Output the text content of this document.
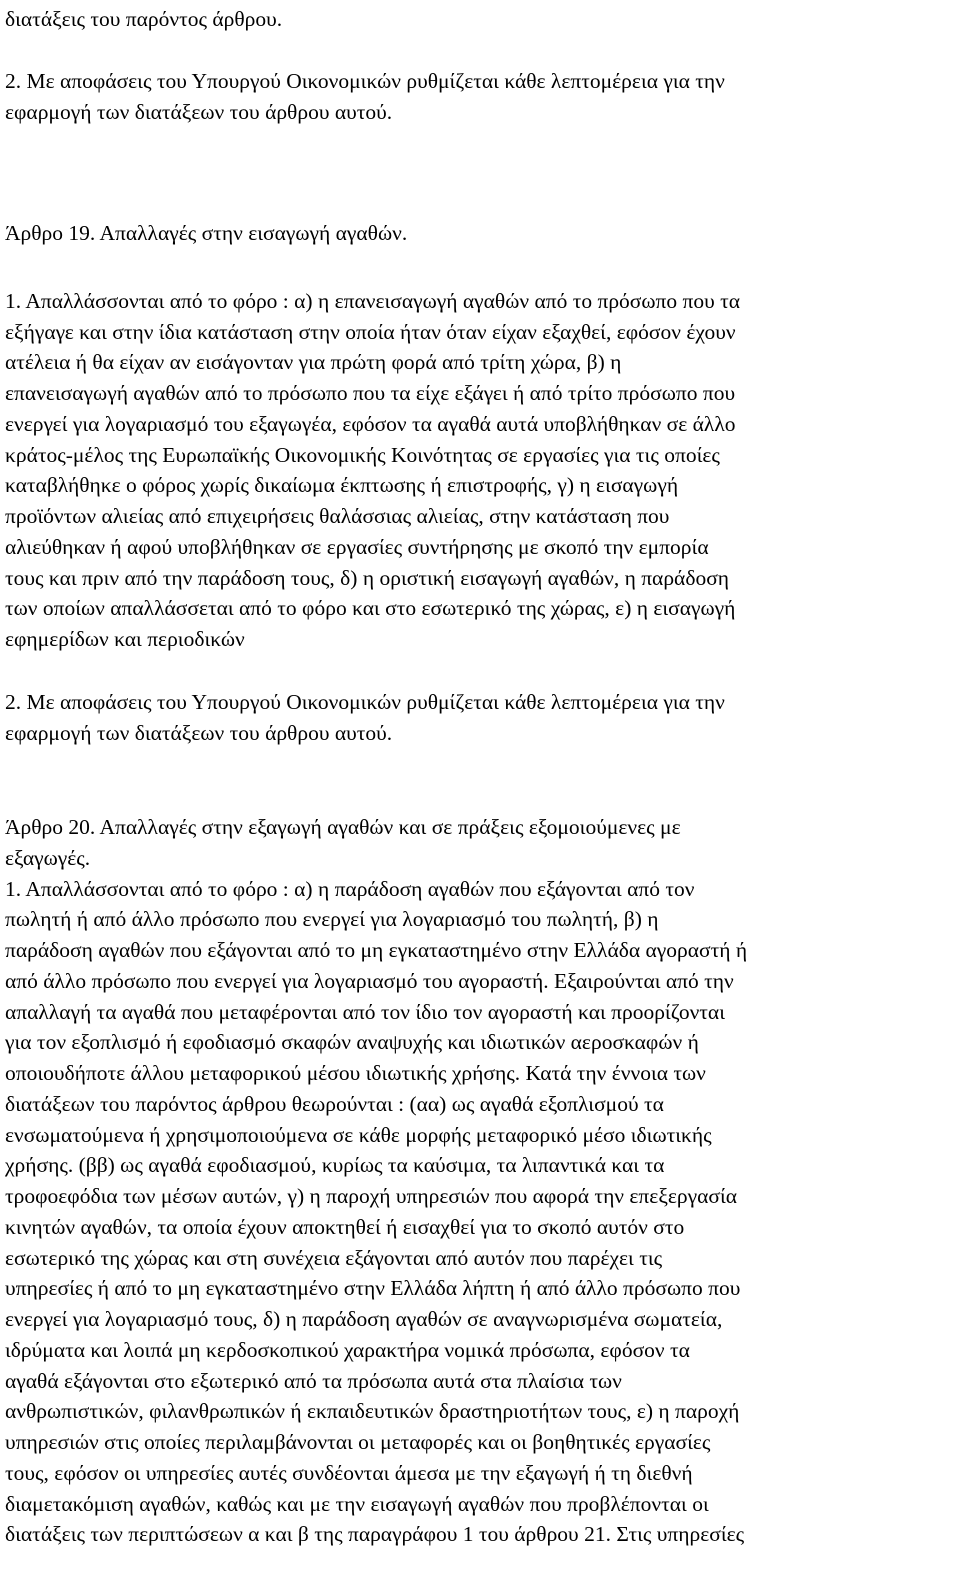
διατάξεις του παρόντος άρθρου.
2. Με αποφάσεις του Υπουργού Οικονομικών ρυθμίζεται κάθε λεπτομέρεια για την
εφαρμογή των διατάξεων του άρθρου αυτού.
Άρθρο 19. Απαλλαγές στην εισαγωγή αγαθών.
1. Απαλλάσσονται από το φόρο : α) η επανεισαγωγή αγαθών από το πρόσωπο που τα
εξήγαγε και στην ίδια κατάσταση στην οποία ήταν όταν είχαν εξαχθεί, εφόσον έχουν
ατέλεια ή θα είχαν αν εισάγονταν για πρώτη φορά από τρίτη χώρα, β) η
επανεισαγωγή αγαθών από το πρόσωπο που τα είχε εξάγει ή από τρίτο πρόσωπο που
ενεργεί για λογαριασμό του εξαγωγέα, εφόσον τα αγαθά αυτά υποβλήθηκαν σε άλλο
κράτος-μέλος της Ευρωπαϊκής Οικονομικής Κοινότητας σε εργασίες για τις οποίες
καταβλήθηκε ο φόρος χωρίς δικαίωμα έκπτωσης ή επιστροφής, γ) η εισαγωγή
προϊόντων αλιείας από επιχειρήσεις θαλάσσιας αλιείας, στην κατάσταση που
αλιεύθηκαν ή αφού υποβλήθηκαν σε εργασίες συντήρησης με σκοπό την εμπορία
τους και πριν από την παράδοση τους, δ) η οριστική εισαγωγή αγαθών, η παράδοση
των οποίων απαλλάσσεται από το φόρο και στο εσωτερικό της χώρας, ε) η εισαγωγή
εφημερίδων και περιοδικών
2. Με αποφάσεις του Υπουργού Οικονομικών ρυθμίζεται κάθε λεπτομέρεια για την
εφαρμογή των διατάξεων του άρθρου αυτού.
Άρθρο 20. Απαλλαγές στην εξαγωγή αγαθών και σε πράξεις εξομοιούμενες με
εξαγωγές.
1. Απαλλάσσονται από το φόρο : α) η παράδοση αγαθών που εξάγονται από τον
πωλητή ή από άλλο πρόσωπο που ενεργεί για λογαριασμό του πωλητή, β) η
παράδοση αγαθών που εξάγονται από το μη εγκαταστημένο στην Ελλάδα αγοραστή ή
από άλλο πρόσωπο που ενεργεί για λογαριασμό του αγοραστή. Εξαιρούνται από την
απαλλαγή τα αγαθά που μεταφέρονται από τον ίδιο τον αγοραστή και προορίζονται
για τον εξοπλισμό ή εφοδιασμό σκαφών αναψυχής και ιδιωτικών αεροσκαφών ή
οποιουδήποτε άλλου μεταφορικού μέσου ιδιωτικής χρήσης. Κατά την έννοια των
διατάξεων του παρόντος άρθρου θεωρούνται : (αα) ως αγαθά εξοπλισμού τα
ενσωματούμενα ή χρησιμοποιούμενα σε κάθε μορφής μεταφορικό μέσο ιδιωτικής
χρήσης. (ββ) ως αγαθά εφοδιασμού, κυρίως τα καύσιμα, τα λιπαντικά και τα
τροφοεφόδια των μέσων αυτών, γ) η παροχή υπηρεσιών που αφορά την επεξεργασία
κινητών αγαθών, τα οποία έχουν αποκτηθεί ή εισαχθεί για το σκοπό αυτόν στο
εσωτερικό της χώρας και στη συνέχεια εξάγονται από αυτόν που παρέχει τις
υπηρεσίες ή από το μη εγκαταστημένο στην Ελλάδα λήπτη ή από άλλο πρόσωπο που
ενεργεί για λογαριασμό τους, δ) η παράδοση αγαθών σε αναγνωρισμένα σωματεία,
ιδρύματα και λοιπά μη κερδοσκοπικού χαρακτήρα νομικά πρόσωπα, εφόσον τα
αγαθά εξάγονται στο εξωτερικό από τα πρόσωπα αυτά στα πλαίσια των
ανθρωπιστικών, φιλανθρωπικών ή εκπαιδευτικών δραστηριοτήτων τους, ε) η παροχή
υπηρεσιών στις οποίες περιλαμβάνονται οι μεταφορές και οι βοηθητικές εργασίες
τους, εφόσον οι υπηρεσίες αυτές συνδέονται άμεσα με την εξαγωγή ή τη διεθνή
διαμετακόμιση αγαθών, καθώς και με την εισαγωγή αγαθών που προβλέπονται οι
διατάξεις των περιπτώσεων α και β της παραγράφου 1 του άρθρου 21. Στις υπηρεσίες
